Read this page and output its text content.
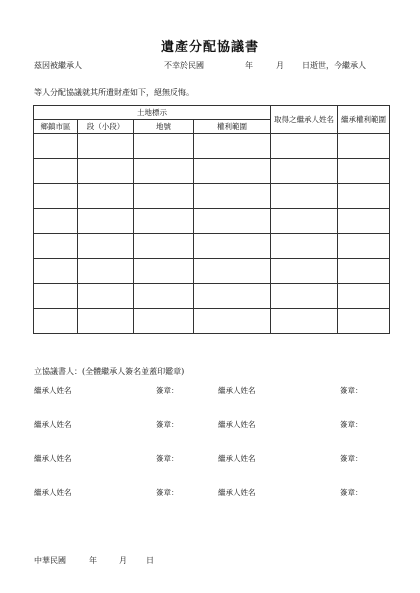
遺產分配協議書
茲因被繼承人	不幸於民國	年	月 日逝世，今繼承人
等人分配協議就其所遺財產如下，絕無反悔。
土地標示				取得之繼承人姓名	繼承權利範圍
鄉鎮市區	段（小段）	地號	權利範圍		

立協議書人：(全體繼承人簽名並蓋印鑑章)
繼承人姓名	簽章：	繼承人姓名	簽章：
繼承人姓名	簽章：	繼承人姓名	簽章：
繼承人姓名	簽章：	繼承人姓名	簽章：
繼承人姓名	簽章：	繼承人姓名	簽章：
中華民國	年	月 日
